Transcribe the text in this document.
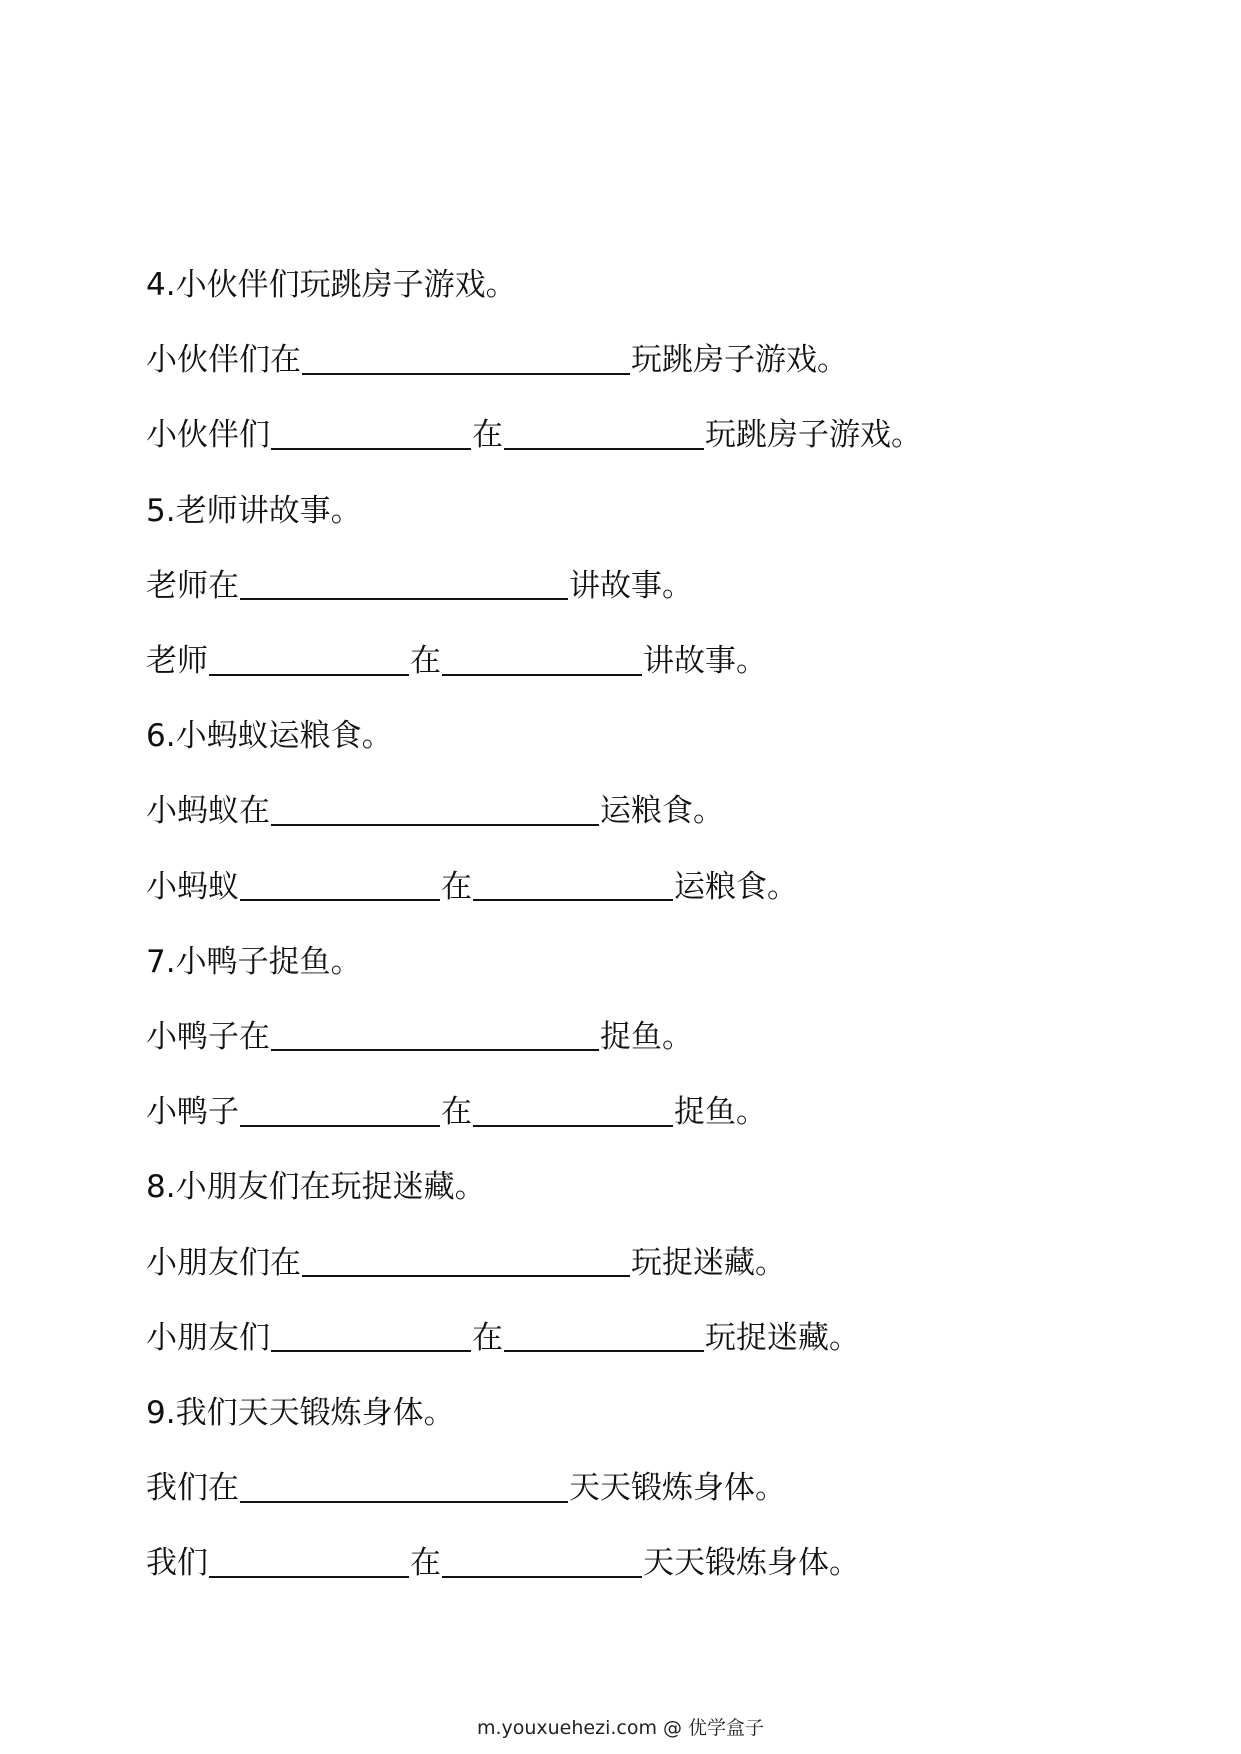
4.小伙伴们玩跳房子游戏。
小伙伴们在	玩跳房子游戏。
小伙伴们	在	玩跳房子游戏。
5.老师讲故事。
老师在	讲故事。
老师	在	讲故事。
6.小蚂蚁运粮食。
小蚂蚁在	运粮食。
小蚂蚁	在	运粮食。
7.小鸭子捉鱼。
小鸭子在	捉鱼。
小鸭子	在	捉鱼。
8.小朋友们在玩捉迷藏。
小朋友们在	玩捉迷藏。
小朋友们	在	玩捉迷藏。
9.我们天天锻炼身体。
我们在	天天锻炼身体。
我们	在	天天锻炼身体。
m.youxuehezi.com @ 优学盒子
